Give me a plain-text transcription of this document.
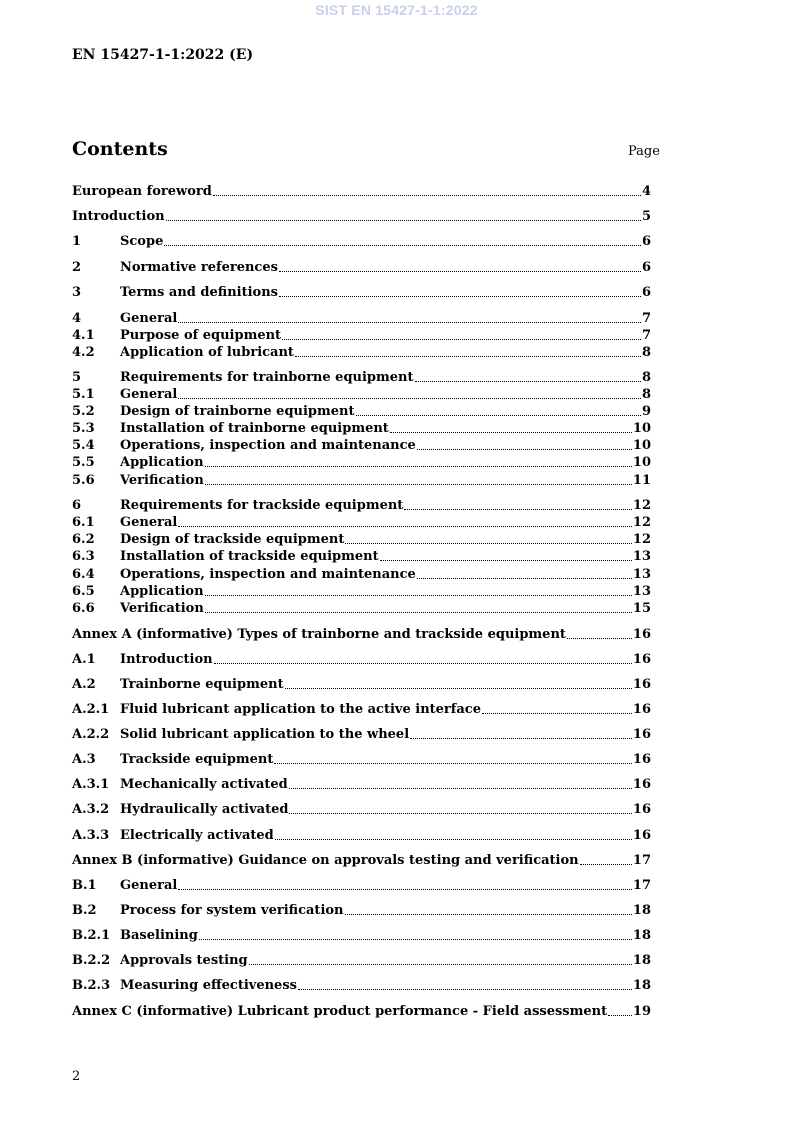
SIST EN 15427-1-1:2022
EN 15427-1-1:2022 (E)
Contents	Page
European foreword	4
Introduction	5
1	Scope	6
2	Normative references	6
3	Terms and definitions	6
4	General	7
4.1	Purpose of equipment	7
4.2	Application of lubricant	8
5	Requirements for trainborne equipment	8
5.1	General	8
5.2	Design of trainborne equipment	9
5.3	Installation of trainborne equipment	10
5.4	Operations, inspection and maintenance	10
5.5	Application	10
5.6	Verification	11
6	Requirements for trackside equipment	12
6.1	General	12
6.2	Design of trackside equipment	12
6.3	Installation of trackside equipment	13
6.4	Operations, inspection and maintenance	13
6.5	Application	13
6.6	Verification	15
Annex A (informative) Types of trainborne and trackside equipment	16
A.1	Introduction	16
A.2	Trainborne equipment	16
A.2.1 Fluid lubricant application to the active interface	16
A.2.2 Solid lubricant application to the wheel	16
A.3	Trackside equipment	16
A.3.1 Mechanically activated	16
A.3.2 Hydraulically activated	16
A.3.3 Electrically activated	16
Annex B (informative) Guidance on approvals testing and verification	17
B.1	General	17
B.2	Process for system verification	18
B.2.1 Baselining	18
B.2.2 Approvals testing	18
B.2.3 Measuring effectiveness	18
Annex C (informative) Lubricant product performance - Field assessment 19
2
